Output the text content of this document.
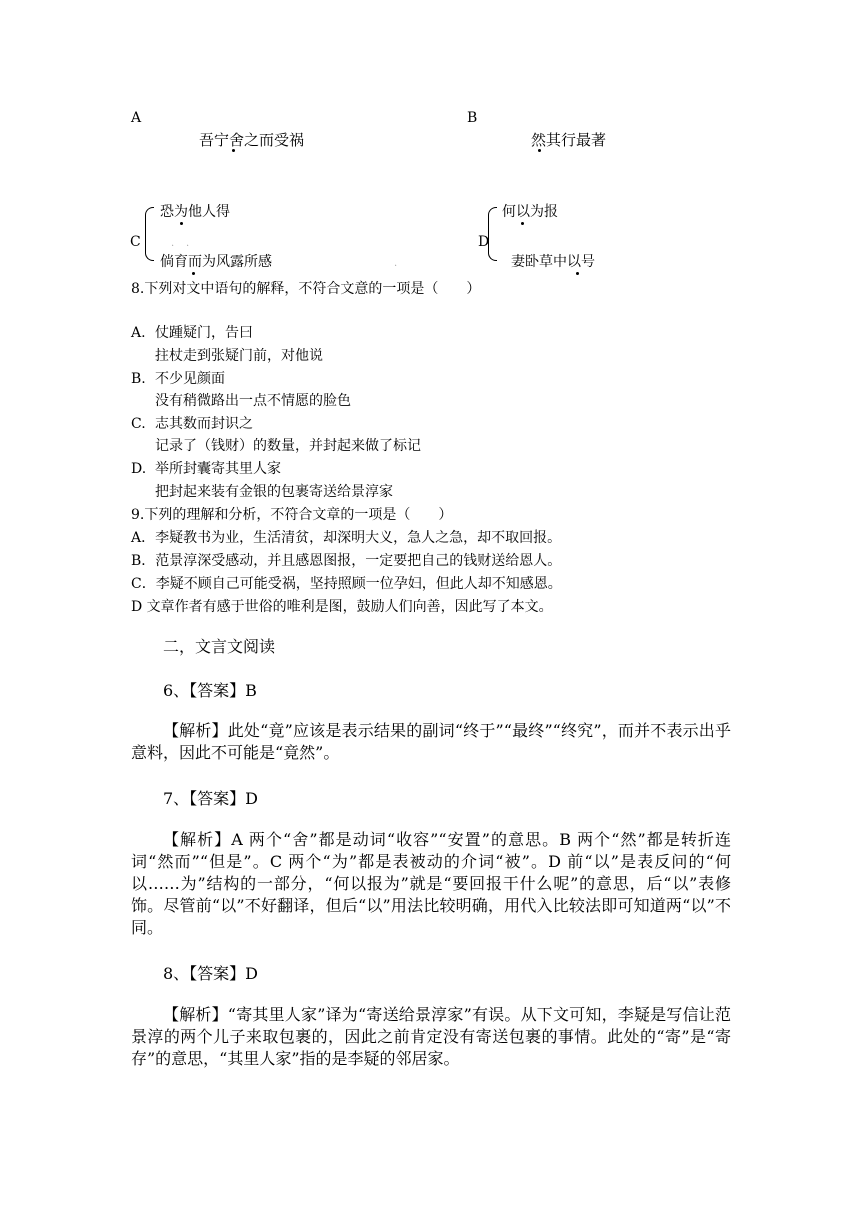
A
吾宁舍之而受祸
B
然其行最著
C
恐为他人得
. .
倘育而为风露所感	.
D
何以为报
妻卧草中以号
8.下列对文中语句的解释，不符合文意的一项是（　　）
A. 仗踵疑门，告曰
拄杖走到张疑门前，对他说
B. 不少见颜面
没有稍微路出一点不情愿的脸色
C. 志其数而封识之
记录了（钱财）的数量，并封起来做了标记
D. 举所封囊寄其里人家
把封起来装有金银的包裹寄送给景淳家
9.下列的理解和分析，不符合文章的一项是（　　）
A．李疑教书为业，生活清贫，却深明大义，急人之急，却不取回报。
B．范景淳深受感动，并且感恩图报，一定要把自己的钱财送给恩人。
C．李疑不顾自己可能受祸，坚持照顾一位孕妇，但此人却不知感恩。
D 文章作者有感于世俗的唯利是图，鼓励人们向善，因此写了本文。
二，文言文阅读
6、【答案】B
【解析】此处“竟”应该是表示结果的副词“终于”“最终”“终究”，而并不表示出乎意料，因此不可能是“竟然”。
7、【答案】D
【解析】A 两个“舍”都是动词“收容”“安置”的意思。B 两个“然”都是转折连词“然而”“但是”。C 两个“为”都是表被动的介词“被”。D 前“以”是表反问的“何以……为”结构的一部分，“何以报为”就是“要回报干什么呢”的意思，后“以”表修饰。尽管前“以”不好翻译，但后“以”用法比较明确，用代入比较法即可知道两“以”不同。
8、【答案】D
【解析】“寄其里人家”译为“寄送给景淳家”有误。从下文可知，李疑是写信让范景淳的两个儿子来取包裹的，因此之前肯定没有寄送包裹的事情。此处的“寄”是“寄存”的意思，“其里人家”指的是李疑的邻居家。
